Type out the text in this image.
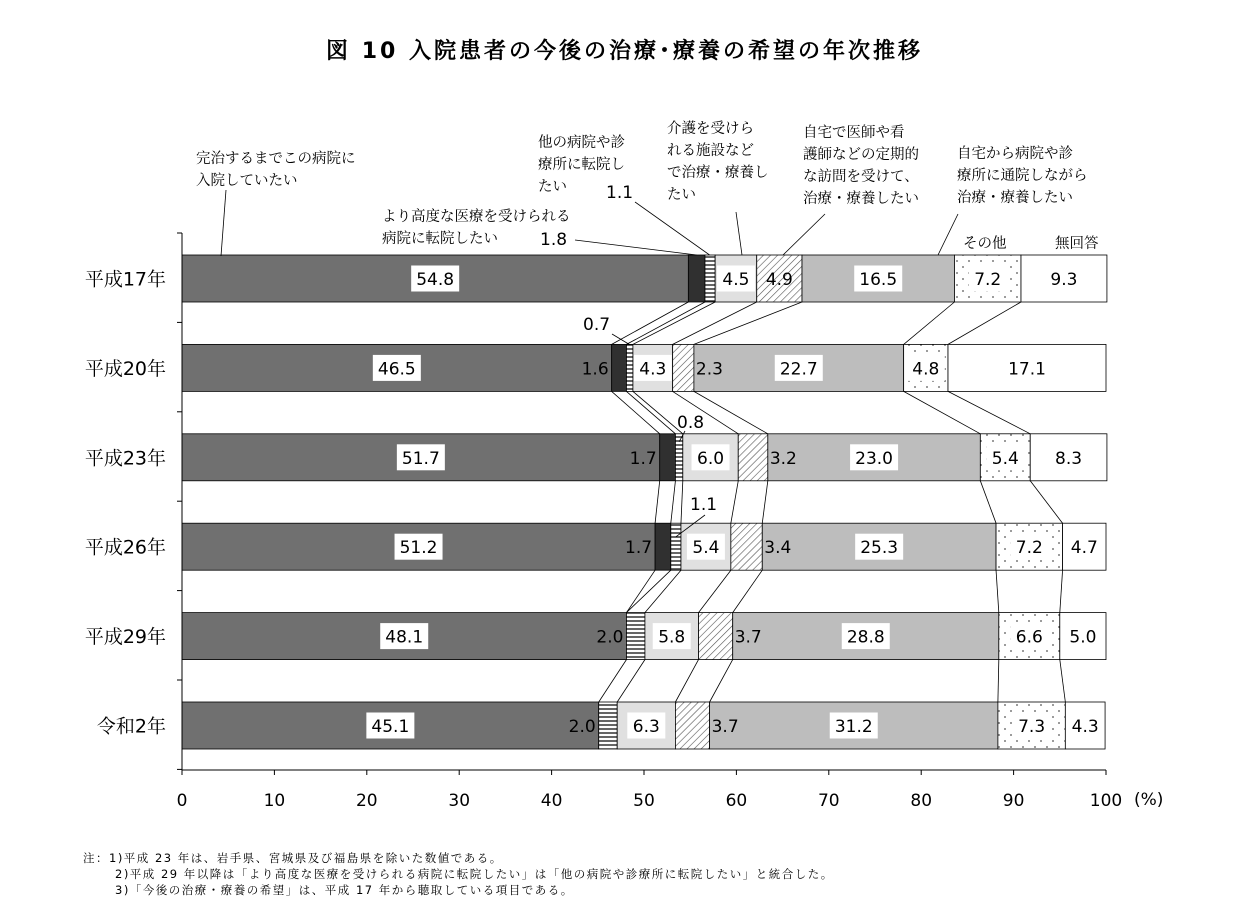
図 10 入院患者の今後の治療･療養の希望の年次推移
0	10	20	30	40	50	60	70	80	90	100 (%)
平成17年
平成20年
平成23年
平成26年
平成29年
令和2年
54.8	4.5 4.9	16.5	7.2	9.3
46.5	1.6 4.3 2.3	22.7	4.8	17.1
51.7	1.7 6.0	3.2	23.0	5.4 8.3
51.2	1.7 5.4	3.4	25.3	7.2 4.7
48.1	2.0 5.8	3.7	28.8	6.6 5.0
45.1	2.0 6.3	3.7	31.2	7.3 4.3
1.8
1.1
0.7
0.8
1.1
完治するまでこの病院に
入院していたい
より高度な医療を受けられる
病院に転院したい
他の病院や診
療所に転院し
たい
介護を受けら
れる施設など
で治療・療養し
たい
自宅で医師や看
護師などの定期的
な訪問を受けて、
治療・療養したい
自宅から病院や診
療所に通院しながら
治療・療養したい
その他	無回答
注：1)平成 23 年は、岩手県、宮城県及び福島県を除いた数値である。
2)平成 29 年以降は「より高度な医療を受けられる病院に転院したい」は「他の病院や診療所に転院したい」と統合した。
3)「今後の治療・療養の希望」は、平成 17 年から聴取している項目である。
